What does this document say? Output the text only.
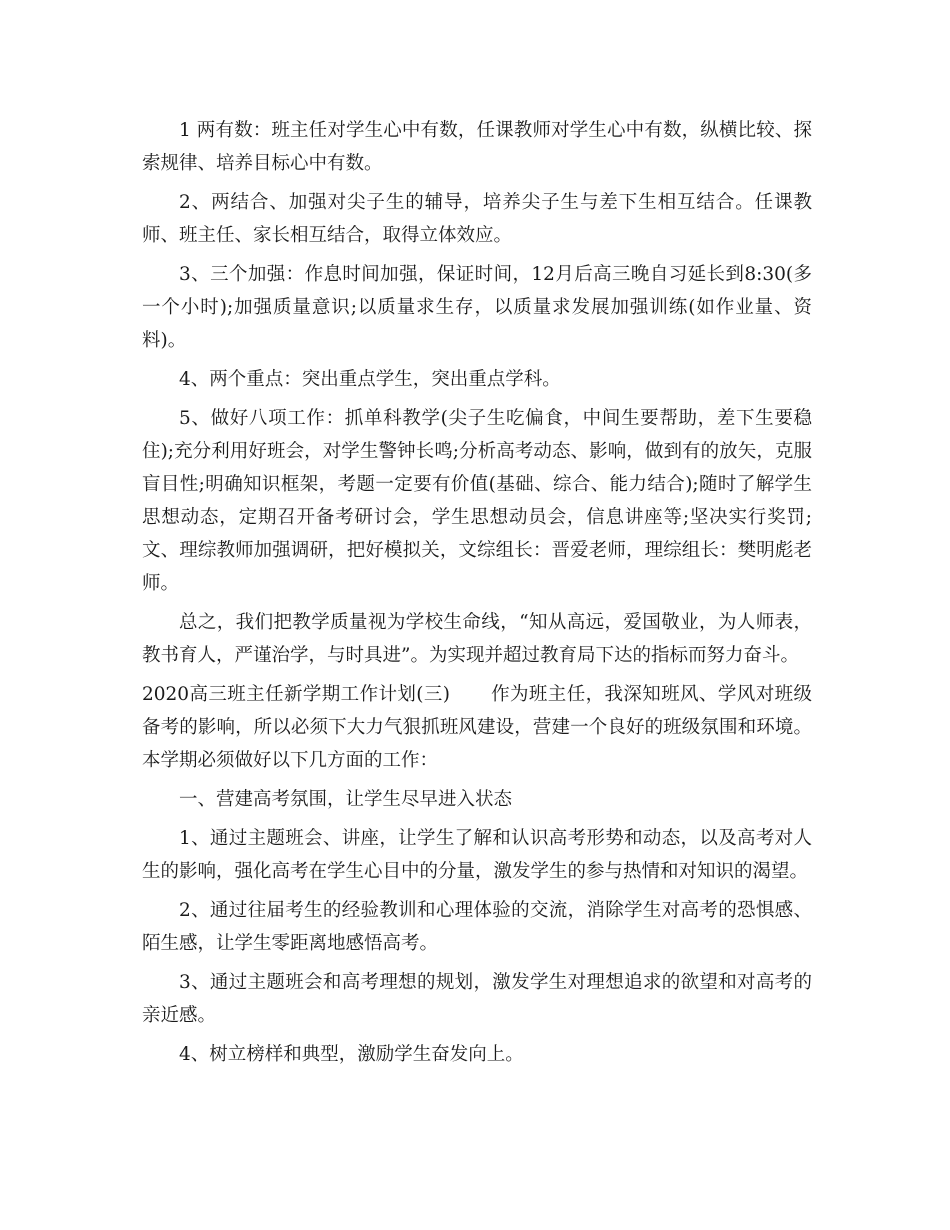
1 两有数：班主任对学生心中有数，任课教师对学生心中有数，纵横比较、探索规律、培养目标心中有数。

2、两结合、加强对尖子生的辅导，培养尖子生与差下生相互结合。任课教师、班主任、家长相互结合，取得立体效应。

3、三个加强：作息时间加强，保证时间，12月后高三晚自习延长到8:30(多一个小时);加强质量意识;以质量求生存，以质量求发展加强训练(如作业量、资料)。

4、两个重点：突出重点学生，突出重点学科。

5、做好八项工作：抓单科教学(尖子生吃偏食，中间生要帮助，差下生要稳住);充分利用好班会，对学生警钟长鸣;分析高考动态、影响，做到有的放矢，克服盲目性;明确知识框架，考题一定要有价值(基础、综合、能力结合);随时了解学生思想动态，定期召开备考研讨会，学生思想动员会，信息讲座等;坚决实行奖罚;文、理综教师加强调研，把好模拟关，文综组长：晋爱老师，理综组长：樊明彪老师。

总之，我们把教学质量视为学校生命线，“知从高远，爱国敬业，为人师表，教书育人，严谨治学，与时具进”。为实现并超过教育局下达的指标而努力奋斗。

2020高三班主任新学期工作计划(三) 作为班主任，我深知班风、学风对班级备考的影响，所以必须下大力气狠抓班风建设，营建一个良好的班级氛围和环境。本学期必须做好以下几方面的工作：

一、营建高考氛围，让学生尽早进入状态

1、通过主题班会、讲座，让学生了解和认识高考形势和动态，以及高考对人生的影响，强化高考在学生心目中的分量，激发学生的参与热情和对知识的渴望。

2、通过往届考生的经验教训和心理体验的交流，消除学生对高考的恐惧感、陌生感，让学生零距离地感悟高考。

3、通过主题班会和高考理想的规划，激发学生对理想追求的欲望和对高考的亲近感。

4、树立榜样和典型，激励学生奋发向上。
